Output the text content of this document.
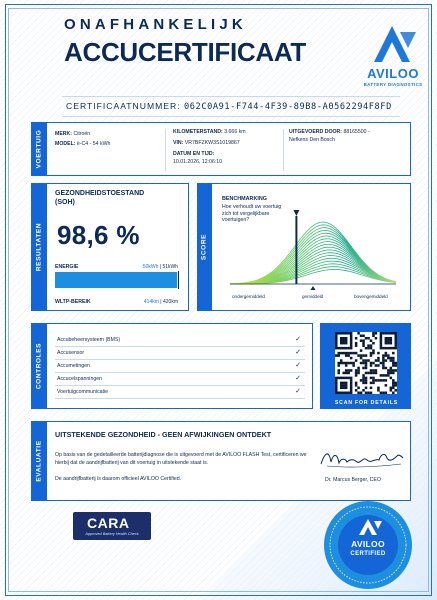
ONAFHANKELIJK
ACCUCERTIFICAAT
AVILOO
BATTERY DIAGNOSTICS
CERTIFICAATNUMMER: 062C0A91-F744-4F39-89B8-A0562294F8FD
VOERTUIG MERK: Citroën
MODEL: ë-C4 - 54 kWh
KILOMETERSTAND: 3.666 km
VIN: VR7BFZKW3S1019867
DATUM EN TIJD:
10.01.2026, 12:06:10
UITGEVOERD DOOR: 88165500 -
Nefkens Den Bosch
RESULTATEN
GEZONDHEIDSTOESTAND
(SOH)
98,6 %
ENERGIE	50kWh | 51kWh
WLTP-BEREIK	414km | 420km
SCORE
BENCHMARKING
Hoe verhoudt uw voertuig zich tot vergelijkbare voertuigen?
ondergemiddeld	gemiddeld	bovengemiddeld
CONTROLES
Accubeheersysteem (BMS)	✓
Accusensor	✓
Accumetingen	✓
Accucelspanningen	✓
Voertuigcommunicatie	✓
SCAN FOR DETAILS
EVALUATIE
UITSTEKENDE GEZONDHEID - GEEN AFWIJKINGEN ONTDEKT
Op basis van de gedetailleerde batterijdiagnose die is uitgevoerd met de AVILOO FLASH Test, certificeren we hierbij dat de aandrijfbatterij van dit voertuig in uitstekende staat is.
De aandrijfbatterij is daarom officieel AVILOO Certified.	Dr. Marcus Berger, CEO
CARA
Approved Battery Health Check
AVILOO
CERTIFIED
